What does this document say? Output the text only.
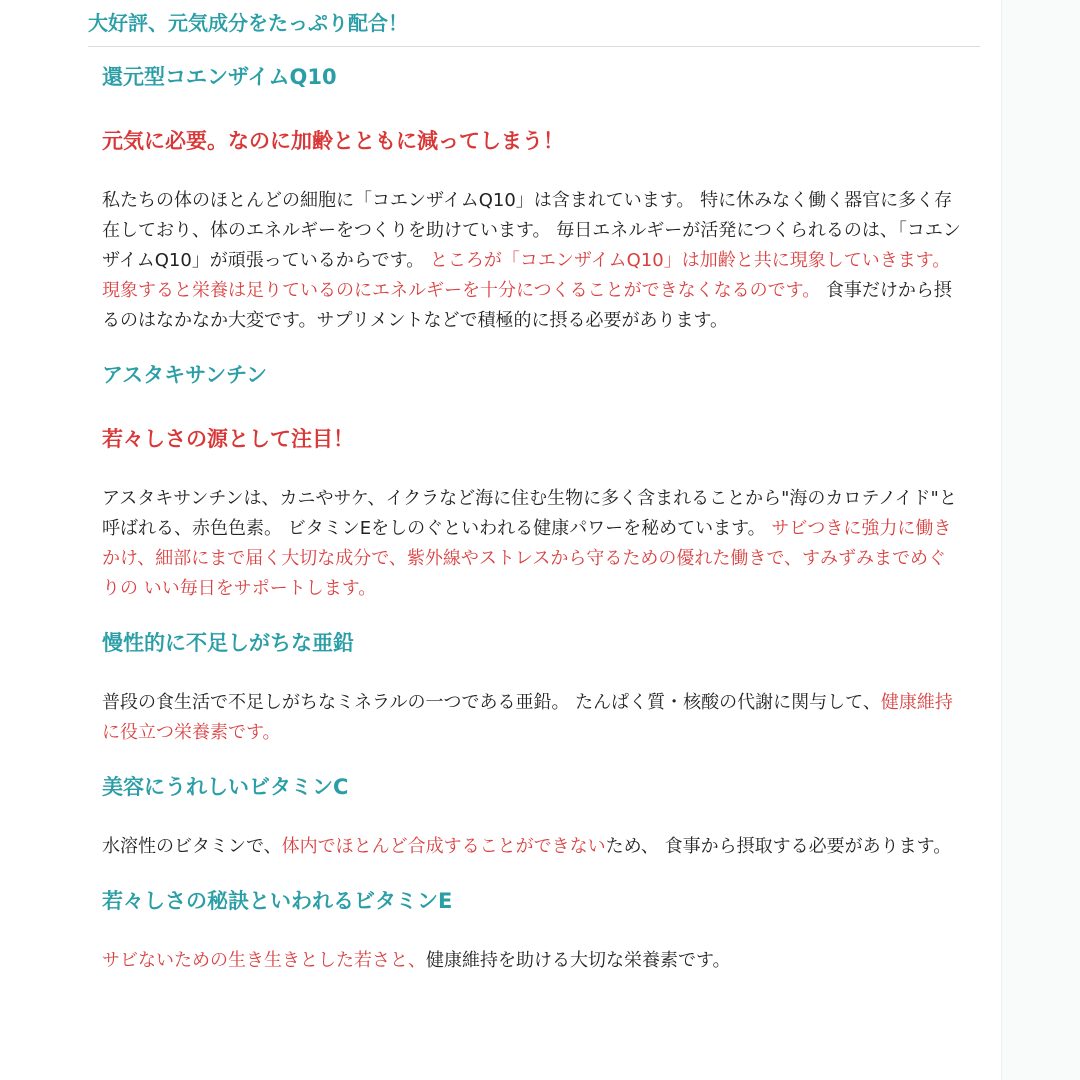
大好評、元気成分をたっぷり配合！
還元型コエンザイムQ10
元気に必要。なのに加齢とともに減ってしまう！

私たちの体のほとんどの細胞に「コエンザイムQ10」は含まれています。 特に休みなく働く器官に多く存在しており、体のエネルギーをつくりを助けています。 毎日エネルギーが活発につくられるのは、「コエンザイムQ10」が頑張っているからです。 ところが「コエンザイムQ10」は加齢と共に現象していきます。 現象すると栄養は足りているのにエネルギーを十分につくることができなくなるのです。 食事だけから摂るのはなかなか大変です。サプリメントなどで積極的に摂る必要があります。

アスタキサンチン
若々しさの源として注目！

アスタキサンチンは、カニやサケ、イクラなど海に住む生物に多く含まれることから"海のカロテノイド"と呼ばれる、赤色色素。 ビタミンEをしのぐといわれる健康パワーを秘めています。 サビつきに強力に働きかけ、細部にまで届く大切な成分で、紫外線やストレスから守るための優れた働きで、すみずみまでめぐりの いい毎日をサポートします。

慢性的に不足しがちな亜鉛

普段の食生活で不足しがちなミネラルの一つである亜鉛。 たんぱく質・核酸の代謝に関与して、健康維持に役立つ栄養素です。

美容にうれしいビタミンC

水溶性のビタミンで、体内でほとんど合成することができないため、 食事から摂取する必要があります。

若々しさの秘訣といわれるビタミンE

サビないための生き生きとした若さと、健康維持を助ける大切な栄養素です。
